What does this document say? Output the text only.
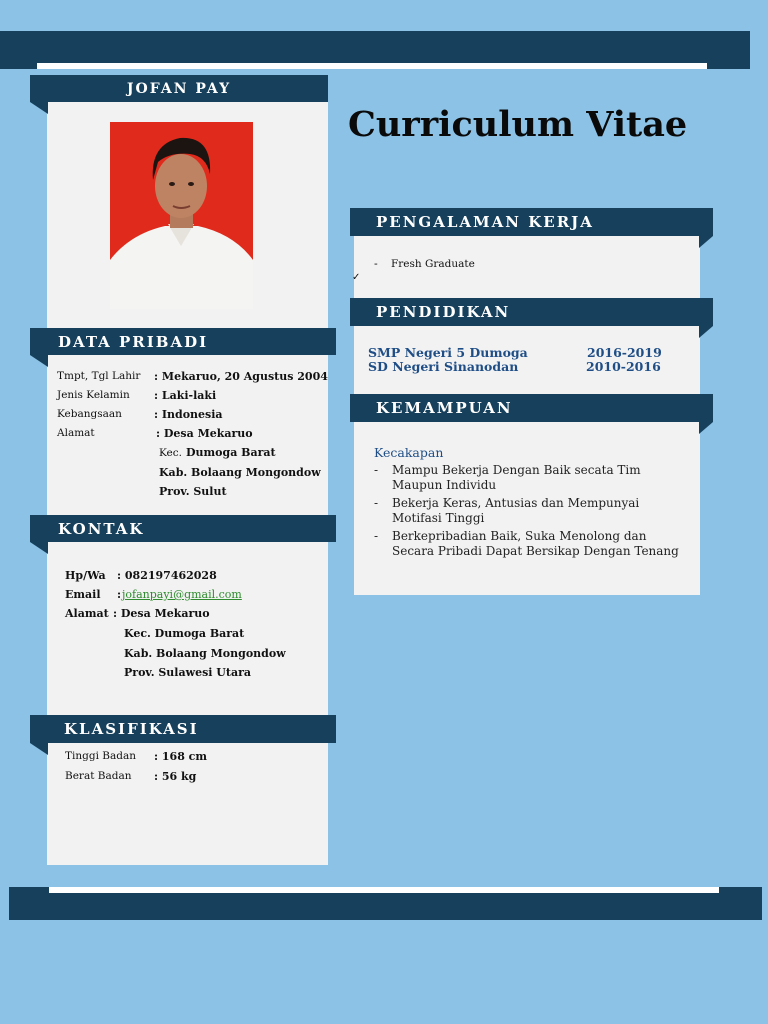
JOFAN PAY
DATA PRIBADI
Tmpt, Tgl Lahir : Mekaruo, 20 Agustus 2004
Jenis Kelamin : Laki-laki
Kebangsaan	: Indonesia
Alamat	: Desa Mekaruo
Kec. Dumoga Barat
Kab. Bolaang Mongondow
Prov. Sulut
KONTAK
Hp/Wa : 082197462028
Email : jofanpayi@gmail.com
Alamat : Desa Mekaruo
Kec. Dumoga Barat
Kab. Bolaang Mongondow
Prov. Sulawesi Utara
KLASIFIKASI
Tinggi Badan : 168 cm
Berat Badan : 56 kg
Curriculum Vitae
PENGALAMAN KERJA
- Fresh Graduate
✓
PENDIDIKAN
SMP Negeri 5 Dumoga	2016-2019
SD Negeri Sinanodan	2010-2016
KEMAMPUAN
Kecakapan
- Mampu Bekerja Dengan Baik secata Tim Maupun Individu
- Bekerja Keras, Antusias dan Mempunyai Motifasi Tinggi
- Berkepribadian Baik, Suka Menolong dan Secara Pribadi Dapat Bersikap Dengan Tenang
